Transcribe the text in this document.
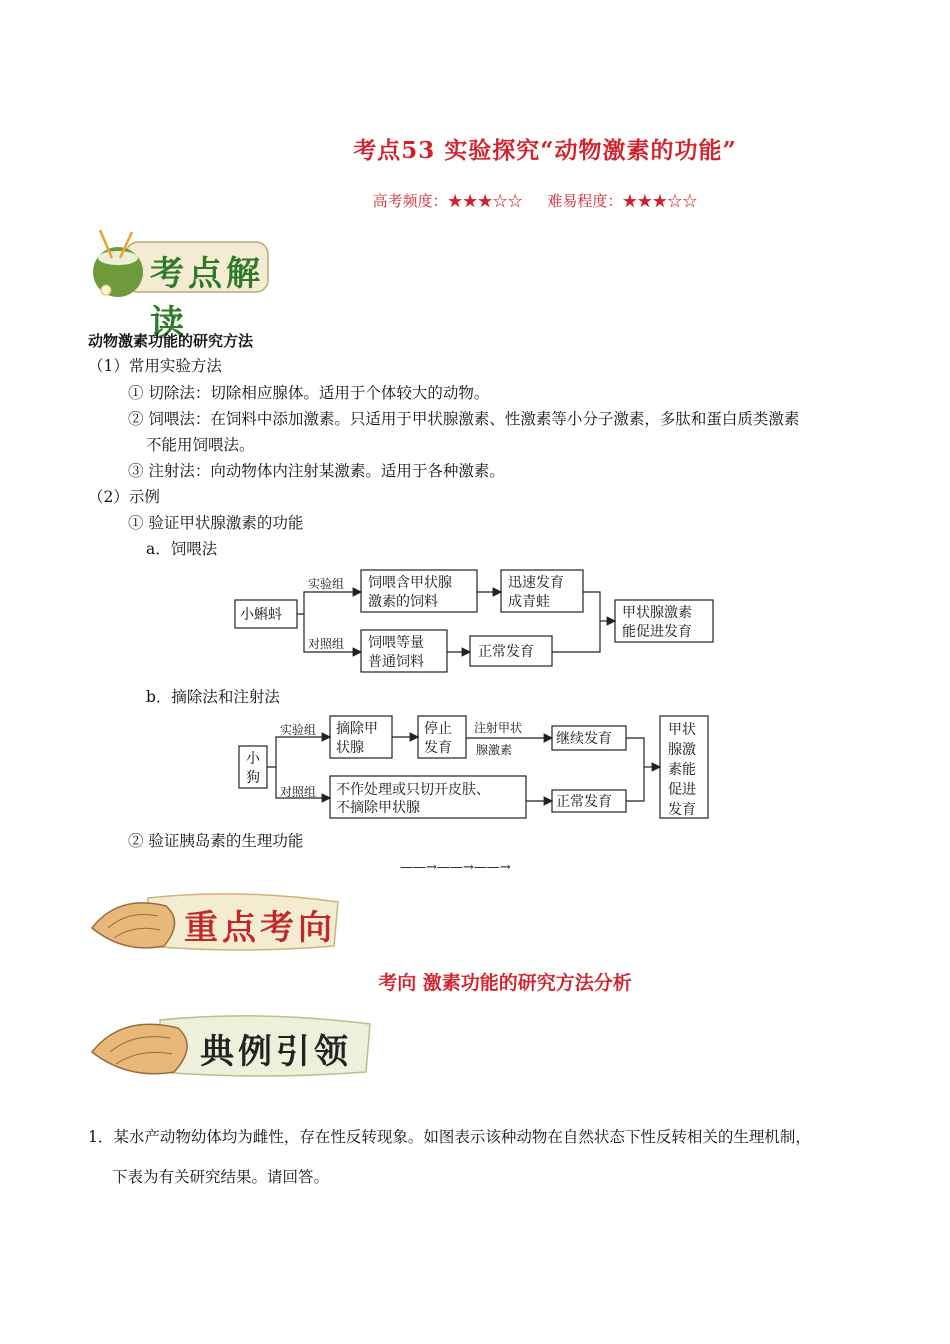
考点53 实验探究“动物激素的功能”
高考频度：★★★☆☆ 难易程度：★★★☆☆
考点解读
动物激素功能的研究方法
（1）常用实验方法
① 切除法：切除相应腺体。适用于个体较大的动物。
② 饲喂法：在饲料中添加激素。只适用于甲状腺激素、性激素等小分子激素，多肽和蛋白质类激素
不能用饲喂法。
③ 注射法：向动物体内注射某激素。适用于各种激素。
（2）示例
① 验证甲状腺激素的功能
a．饲喂法
小蝌蚪
实验组
对照组
饲喂含甲状腺
激素的饲料
迅速发育
成青蛙
饲喂等量
普通饲料
正常发育
甲状腺激素
能促进发育
b．摘除法和注射法
小
狗
实验组
对照组
摘除甲
状腺
停止
发育
注射甲状
腺激素
继续发育
不作处理或只切开皮肤、
不摘除甲状腺	正常发育
甲状
腺激
素能
促进
发育
② 验证胰岛素的生理功能
——→——→——→
重点考向
考向 激素功能的研究方法分析
典例引领
1．某水产动物幼体均为雌性，存在性反转现象。如图表示该种动物在自然状态下性反转相关的生理机制，
下表为有关研究结果。请回答。
